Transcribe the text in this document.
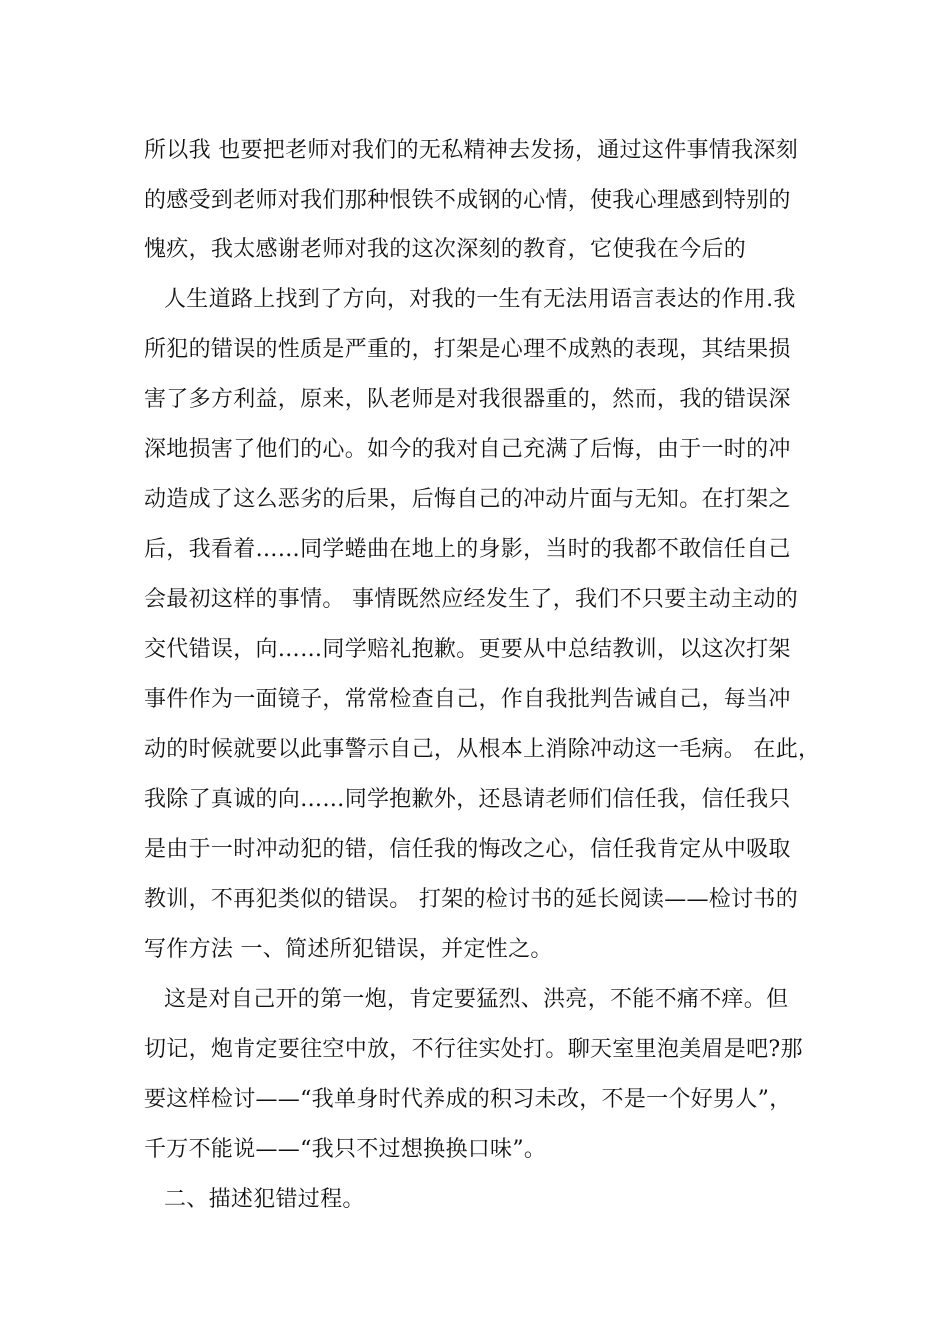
所以我 也要把老师对我们的无私精神去发扬，通过这件事情我深刻
的感受到老师对我们那种恨铁不成钢的心情，使我心理感到特别的
愧疚，我太感谢老师对我的这次深刻的教育，它使我在今后的
人生道路上找到了方向，对我的一生有无法用语言表达的作用.我
所犯的错误的性质是严重的，打架是心理不成熟的表现，其结果损
害了多方利益，原来，队老师是对我很器重的，然而，我的错误深
深地损害了他们的心。如今的我对自己充满了后悔，由于一时的冲
动造成了这么恶劣的后果，后悔自己的冲动片面与无知。在打架之
后，我看着……同学蜷曲在地上的身影，当时的我都不敢信任自己
会最初这样的事情。 事情既然应经发生了，我们不只要主动主动的
交代错误，向……同学赔礼抱歉。更要从中总结教训，以这次打架
事件作为一面镜子，常常检查自己，作自我批判告诫自己，每当冲
动的时候就要以此事警示自己，从根本上消除冲动这一毛病。 在此，
我除了真诚的向……同学抱歉外，还恳请老师们信任我，信任我只
是由于一时冲动犯的错，信任我的悔改之心，信任我肯定从中吸取
教训，不再犯类似的错误。 打架的检讨书的延长阅读——检讨书的
写作方法 一、简述所犯错误，并定性之。
这是对自己开的第一炮，肯定要猛烈、洪亮，不能不痛不痒。但
切记，炮肯定要往空中放，不行往实处打。聊天室里泡美眉是吧?那
要这样检讨——“我单身时代养成的积习未改，不是一个好男人”，
千万不能说——“我只不过想换换口味”。
二、描述犯错过程。
